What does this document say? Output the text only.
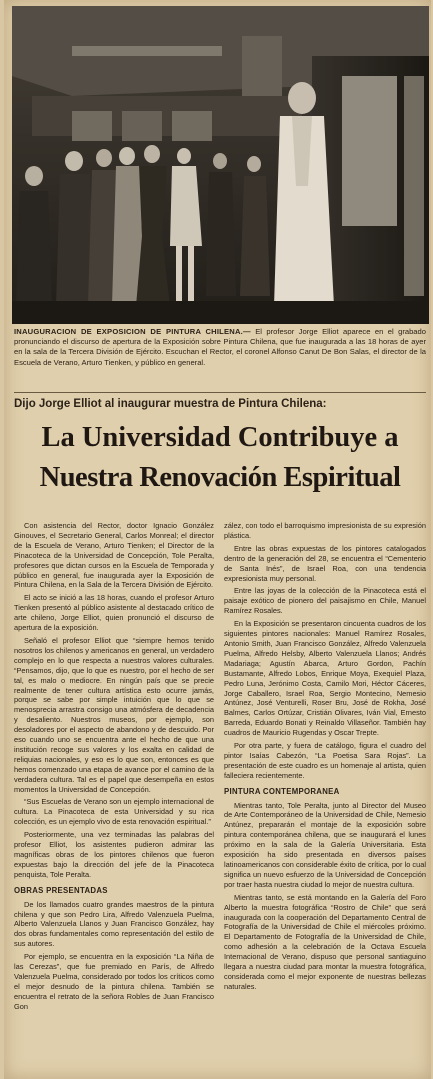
INAUGURACION DE EXPOSICION DE PINTURA CHILENA.— El profesor Jorge Elliot aparece en el grabado pronunciando el discurso de apertura de la Exposición sobre Pintura Chilena, que fue inaugurada a las 18 horas de ayer en la sala de la Tercera División de Ejército. Escuchan el Rector, el coronel Alfonso Canut De Bon Salas, el director de la Escuela de Verano, Arturo Tienken, y público en general.
Dijo Jorge Elliot al inaugurar muestra de Pintura Chilena:
La Universidad Contribuye a
Nuestra Renovación Espiritual

Con asistencia del Rector, doctor Ignacio González Ginouves, el Secretario General, Carlos Monreal; el director de la Escuela de Verano, Arturo Tienken; el Director de la Pinacoteca de la Universidad de Concepción, Tole Peralta, profesores que dictan cursos en la Escuela de Temporada y público en general, fue inaugurada ayer la Exposición de Pintura Chilena, en la Sala de la Tercera División de Ejército.

El acto se inició a las 18 horas, cuando el profesor Arturo Tienken presentó al público asistente al destacado crítico de arte chileno, Jorge Elliot, quien pronunció el discurso de apertura de la exposición.

Señaló el profesor Elliot que “siempre hemos tenido nosotros los chilenos y americanos en general, un verdadero complejo en lo que respecta a nuestros valores culturales. “Pensamos, dijo, que lo que es nuestro, por el hecho de ser tal, es malo o mediocre. En ningún país que se precie realmente de tener cultura artística esto ocurre jamás, porque se sabe por simple intuición que lo que se menosprecia arrastra consigo una atmósfera de decadencia y desaliento. Nuestros museos, por ejemplo, son desoladores por el aspecto de abandono y de descuido. Por eso cuando uno se encuentra ante el hecho de que una institución recoge sus valores y los exalta en calidad de reliquias nacionales, y eso es lo que son, entonces es que hemos comenzado una etapa de avance por el camino de la verdadera cultura. Tal es el papel que desempeña en estos momentos la Universidad de Concepción.

“Sus Escuelas de Verano son un ejemplo internacional de cultura. La Pinacoteca de esta Universidad y su rica colección, es un ejemplo vivo de esta renovación espiritual.”

Posteriormente, una vez terminadas las palabras del profesor Elliot, los asistentes pudieron admirar las magníficas obras de los pintores chilenos que fueron expuestas bajo la dirección del jefe de la Pinacoteca penquista, Tole Peralta.

OBRAS PRESENTADAS

De los llamados cuatro grandes maestros de la pintura chilena y que son Pedro Lira, Alfredo Valenzuela Puelma, Alberto Valenzuela Llanos y Juan Francisco González, hay dos obras fundamentales como representación del estilo de sus autores.

Por ejemplo, se encuentra en la exposición “La Niña de las Cerezas”, que fue premiado en París, de Alfredo Valenzuela Puelma, considerado por todos los críticos como el mejor desnudo de la pintura chilena. También se encuentra el retrato de la señora Robles de Juan Francisco Gon

zález, con todo el barroquismo impresionista de su expresión plástica.

Entre las obras expuestas de los pintores catalogados dentro de la generación del 28, se encuentra el “Cementerio de Santa Inés”, de Israel Roa, con una tendencia expresionista muy personal.

Entre las joyas de la colección de la Pinacoteca está el paisaje exótico de pionero del paisajismo en Chile, Manuel Ramírez Rosales.

En la Exposición se presentaron cincuenta cuadros de los siguientes pintores nacionales: Manuel Ramírez Rosales, Antonio Smith, Juan Francisco González, Alfredo Valenzuela Puelma, Alfredo Helsby, Alberto Valenzuela Llanos; Andrés Madariaga; Agustín Abarca, Arturo Gordon, Pachín Bustamante, Alfredo Lobos, Enrique Moya, Exequiel Plaza, Pedro Luna, Jerónimo Costa, Camilo Mori, Héctor Cáceres, Jorge Caballero, Israel Roa, Sergio Montecino, Nemesio Antúnez, José Venturelli, Roser Bru, José de Rokha, José Balmes, Carlos Ortúzar, Cristián Olivares, Iván Vial, Ernesto Barreda, Eduardo Bonati y Reinaldo Villaseñor. También hay cuadros de Mauricio Rugendas y Oscar Trepte.

Por otra parte, y fuera de catálogo, figura el cuadro del pintor Isaías Cabezón, “La Poetisa Sara Rojas”. La presentación de este cuadro es un homenaje al artista, quien falleciera recientemente.

PINTURA CONTEMPORANEA

Mientras tanto, Tole Peralta, junto al Director del Museo de Arte Contemporáneo de la Universidad de Chile, Nemesio Antúnez, prepararán el montaje de la exposición sobre pintura contemporánea chilena, que se inaugurará el lunes próximo en la sala de la Galería Universitaria. Esta exposición ha sido presentada en diversos países latinoamericanos con considerable éxito de crítica, por lo cual significa un nuevo esfuerzo de la Universidad de Concepción por traer hasta nuestra ciudad lo mejor de nuestra cultura.

Mientras tanto, se está montando en la Galería del Foro Alberto la muestra fotográfica “Rostro de Chile” que será inaugurada con la cooperación del Departamento Central de Fotografía de la Universidad de Chile el miércoles próximo. El Departamento de Fotografía de la Universidad de Chile, como adhesión a la celebración de la Octava Escuela Internacional de Verano, dispuso que personal santiaguino llegara a nuestra ciudad para montar la muestra fotográfica, considerada como el mejor exponente de nuestras bellezas naturales.
